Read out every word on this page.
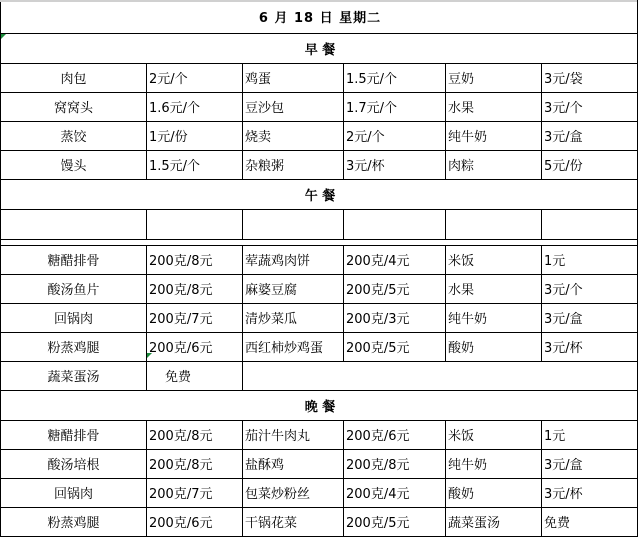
6 月 18 日 星期二					
早 餐					
肉包	2元/个	鸡蛋	1.5元/个	豆奶	3元/袋
窝窝头	1.6元/个	豆沙包	1.7元/个	水果	3元/个
蒸饺	1元/份	烧卖	2元/个	纯牛奶	3元/盒
馒头	1.5元/个	杂粮粥	3元/杯	肉粽	5元/份
午 餐					

糖醋排骨	200克/8元	荤蔬鸡肉饼	200克/4元	米饭	1元
酸汤鱼片	200克/8元	麻婆豆腐	200克/5元	水果	3元/个
回锅肉	200克/7元	清炒菜瓜	200克/3元	纯牛奶	3元/盒
粉蒸鸡腿	200克/6元	西红柿炒鸡蛋	200克/5元	酸奶	3元/杯
蔬菜蛋汤	免费				
晚 餐					
糖醋排骨	200克/8元	茄汁牛肉丸	200克/6元	米饭	1元
酸汤培根	200克/8元	盐酥鸡	200克/8元	纯牛奶	3元/盒
回锅肉	200克/7元	包菜炒粉丝	200克/4元	酸奶	3元/杯
粉蒸鸡腿	200克/6元	干锅花菜	200克/5元	蔬菜蛋汤	免费
